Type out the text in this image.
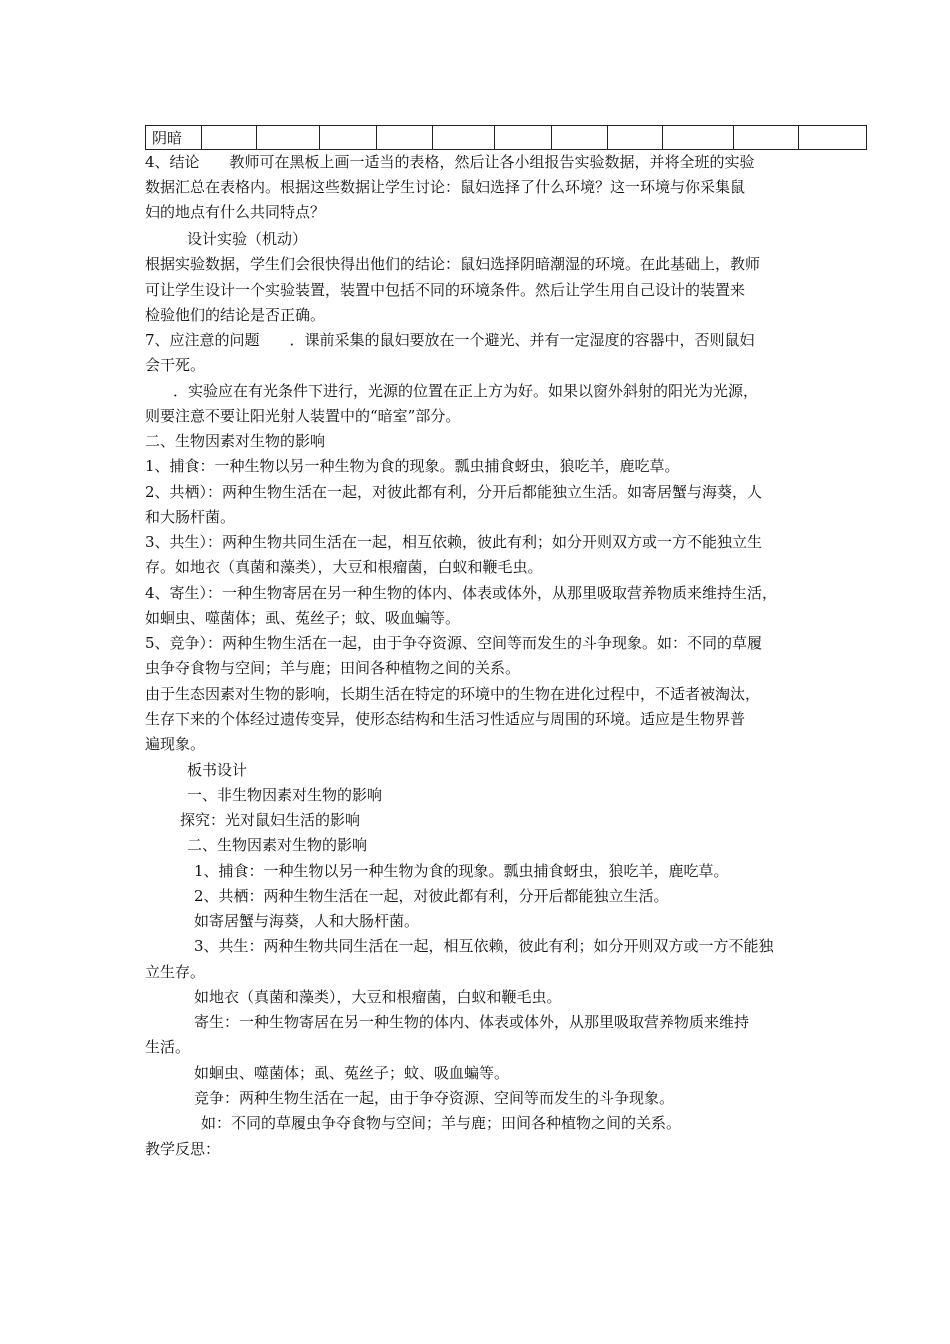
阴暗											
4、结论　　教师可在黑板上画一适当的表格，然后让各小组报告实验数据，并将全班的实验
数据汇总在表格内。根据这些数据让学生讨论：鼠妇选择了什么环境？这一环境与你采集鼠
妇的地点有什么共同特点？
设计实验（机动）
根据实验数据，学生们会很快得出他们的结论：鼠妇选择阴暗潮湿的环境。在此基础上，教师
可让学生设计一个实验装置，装置中包括不同的环境条件。然后让学生用自己设计的装置来
检验他们的结论是否正确。
7、应注意的问题　　．课前采集的鼠妇要放在一个避光、并有一定湿度的容器中，否则鼠妇
会干死。
．实验应在有光条件下进行，光源的位置在正上方为好。如果以窗外斜射的阳光为光源，
则要注意不要让阳光射人装置中的“暗室”部分。
二、生物因素对生物的影响
1、捕食：一种生物以另一种生物为食的现象。瓢虫捕食蚜虫，狼吃羊，鹿吃草。
2、共栖）：两种生物生活在一起，对彼此都有利，分开后都能独立生活。如寄居蟹与海葵，人
和大肠杆菌。
3、共生）：两种生物共同生活在一起，相互依赖，彼此有利；如分开则双方或一方不能独立生
存。如地衣（真菌和藻类），大豆和根瘤菌，白蚁和鞭毛虫。
4、寄生）：一种生物寄居在另一种生物的体内、体表或体外，从那里吸取营养物质来维持生活，
如蛔虫、噬菌体；虱、菟丝子；蚊、吸血蝙等。
5、竞争）：两种生物生活在一起，由于争夺资源、空间等而发生的斗争现象。如：不同的草履
虫争夺食物与空间；羊与鹿；田间各种植物之间的关系。
由于生态因素对生物的影响，长期生活在特定的环境中的生物在进化过程中，不适者被淘汰，
生存下来的个体经过遗传变异，使形态结构和生活习性适应与周围的环境。适应是生物界普
遍现象。
板书设计
一、非生物因素对生物的影响
探究：光对鼠妇生活的影响
二、生物因素对生物的影响
1、捕食：一种生物以另一种生物为食的现象。瓢虫捕食蚜虫，狼吃羊，鹿吃草。
2、共栖：两种生物生活在一起，对彼此都有利，分开后都能独立生活。
如寄居蟹与海葵，人和大肠杆菌。
3、共生：两种生物共同生活在一起，相互依赖，彼此有利；如分开则双方或一方不能独
立生存。
如地衣（真菌和藻类），大豆和根瘤菌，白蚁和鞭毛虫。
寄生：一种生物寄居在另一种生物的体内、体表或体外，从那里吸取营养物质来维持
生活。
如蛔虫、噬菌体；虱、菟丝子；蚊、吸血蝙等。
竞争：两种生物生活在一起，由于争夺资源、空间等而发生的斗争现象。
如：不同的草履虫争夺食物与空间；羊与鹿；田间各种植物之间的关系。
教学反思：
